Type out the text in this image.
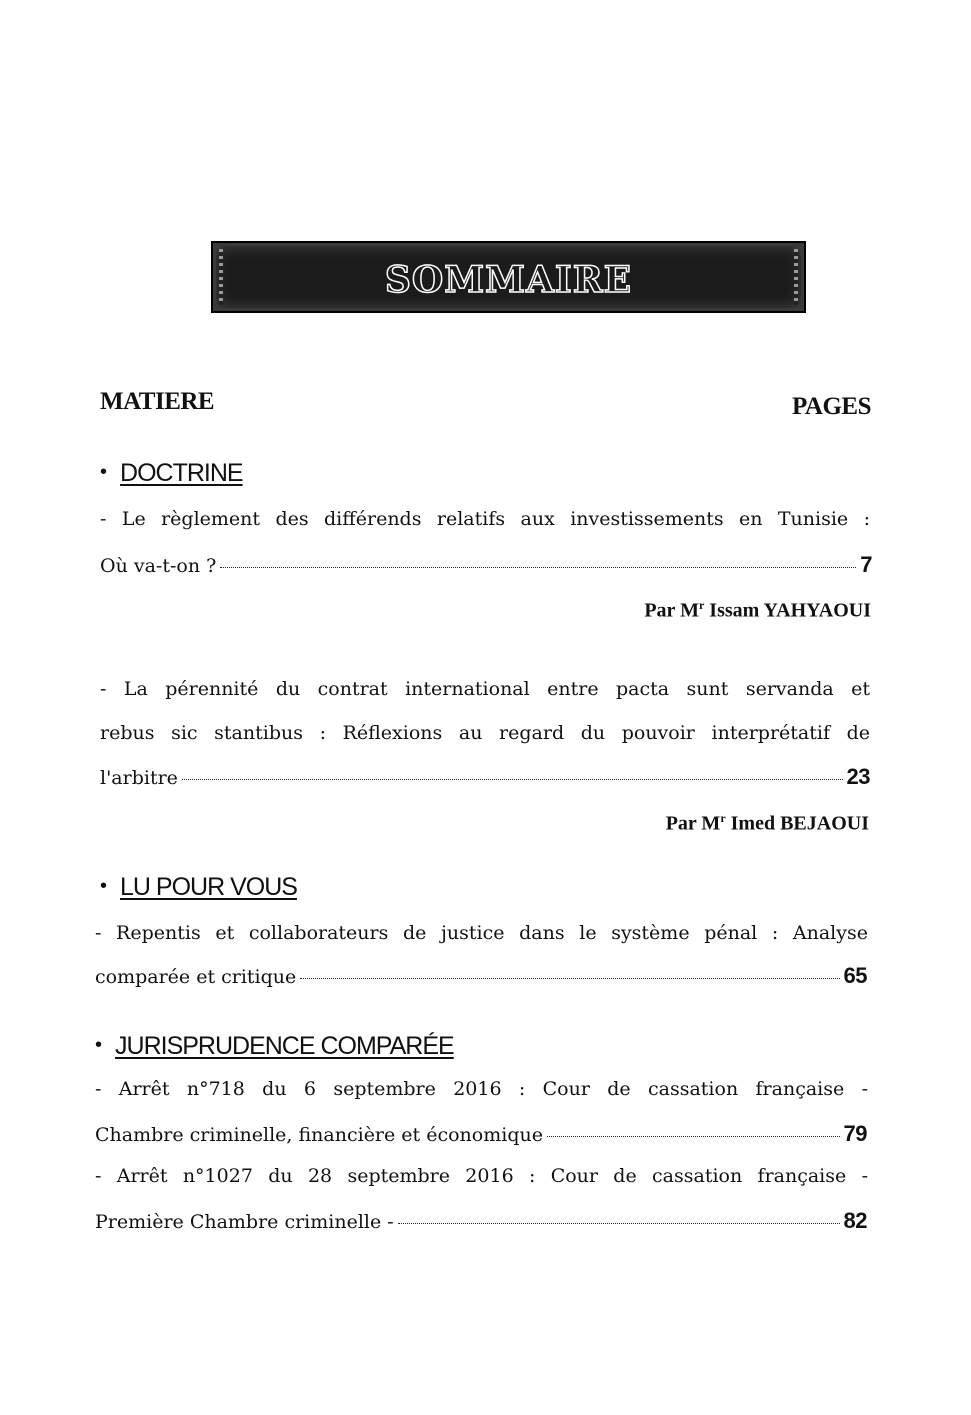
SOMMAIRE
MATIERE	PAGES
• DOCTRINE
- Le règlement des différends relatifs aux investissements en Tunisie :
Où va-t-on ?	7
Par $M^r$ Issam YAHYAOUI
- La pérennité du contrat international entre pacta sunt servanda et
rebus sic stantibus : Réflexions au regard du pouvoir interprétatif de
l'arbitre	23
Par $M^r$ Imed BEJAOUI
• LU POUR VOUS
- Repentis et collaborateurs de justice dans le système pénal : Analyse
comparée et critique	65
• JURISPRUDENCE COMPARÉE
- Arrêt n°718 du 6 septembre 2016 : Cour de cassation française -
Chambre criminelle, financière et économique	79
- Arrêt n°1027 du 28 septembre 2016 : Cour de cassation française -
Première Chambre criminelle -	82
